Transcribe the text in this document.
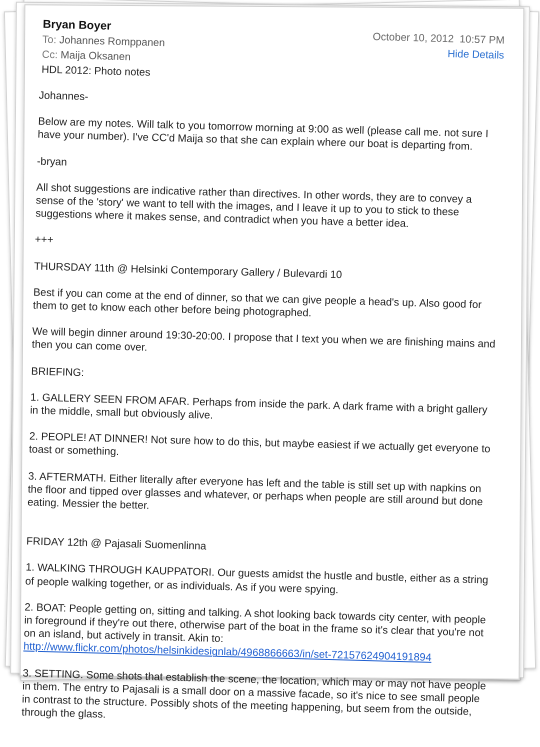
Bryan Boyer
To: Johannes Romppanen
Cc: Maija Oksanen
HDL 2012: Photo notes
October 10, 2012 10:57 PM
Hide Details

Johannes-

Below are my notes. Will talk to you tomorrow morning at 9:00 as well (please call me. not sure I have your number). I've CC'd Maija so that she can explain where our boat is departing from.

-bryan

All shot suggestions are indicative rather than directives. In other words, they are to convey a sense of the 'story' we want to tell with the images, and I leave it up to you to stick to these suggestions where it makes sense, and contradict when you have a better idea.

+++

THURSDAY 11th @ Helsinki Contemporary Gallery / Bulevardi 10

Best if you can come at the end of dinner, so that we can give people a head's up. Also good for them to get to know each other before being photographed.

We will begin dinner around 19:30-20:00. I propose that I text you when we are finishing mains and then you can come over.

BRIEFING:

1. GALLERY SEEN FROM AFAR. Perhaps from inside the park. A dark frame with a bright gallery in the middle, small but obviously alive.

2. PEOPLE! AT DINNER! Not sure how to do this, but maybe easiest if we actually get everyone to toast or something.

3. AFTERMATH. Either literally after everyone has left and the table is still set up with napkins on the floor and tipped over glasses and whatever, or perhaps when people are still around but done eating. Messier the better.

FRIDAY 12th @ Pajasali Suomenlinna

1. WALKING THROUGH KAUPPATORI. Our guests amidst the hustle and bustle, either as a string of people walking together, or as individuals. As if you were spying.

2. BOAT: People getting on, sitting and talking. A shot looking back towards city center, with people in foreground if they're out there, otherwise part of the boat in the frame so it's clear that you're not on an island, but actively in transit. Akin to:
http://www.flickr.com/photos/helsinkidesignlab/4968866663/in/set-72157624904191894

3. SETTING. Some shots that establish the scene, the location, which may or may not have people in them. The entry to Pajasali is a small door on a massive facade, so it's nice to see small people in contrast to the structure. Possibly shots of the meeting happening, but seem from the outside, through the glass.
